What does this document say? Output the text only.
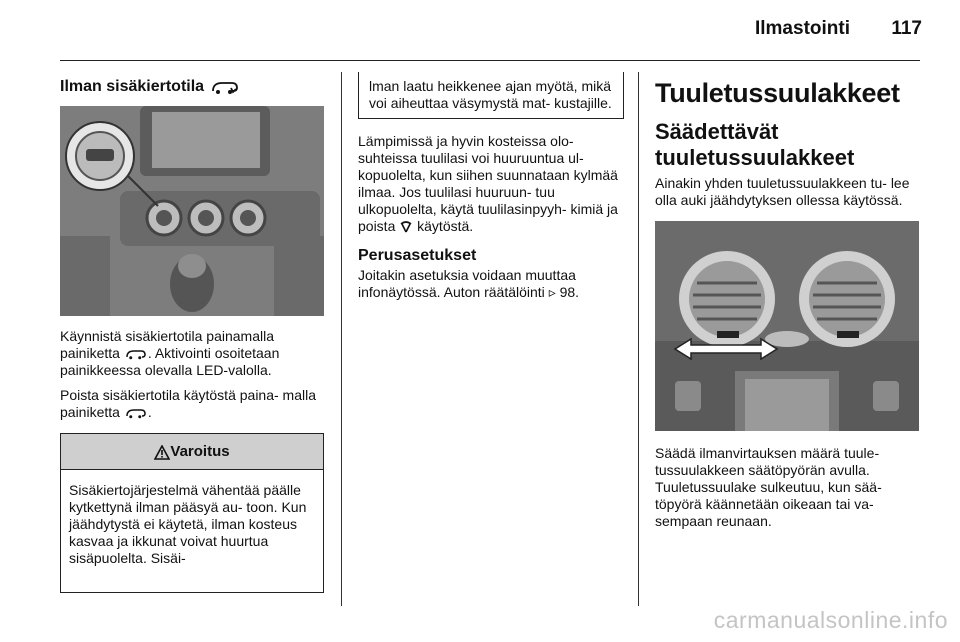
Ilmastointi 117
Ilman sisäkiertotila

Käynnistä sisäkiertotila painamalla painiketta . Aktivointi osoitetaan painikkeessa olevalla LED-valolla.

Poista sisäkiertotila käytöstä paina- malla painiketta .

Varoitus
Sisäkiertojärjestelmä vähentää päälle kytkettynä ilman pääsyä au- toon. Kun jäähdytystä ei käytetä, ilman kosteus kasvaa ja ikkunat voivat huurtua sisäpuolelta. Sisäi-
lman laatu heikkenee ajan myötä, mikä voi aiheuttaa väsymystä mat- kustajille.

Lämpimissä ja hyvin kosteissa olo- suhteissa tuulilasi voi huuruuntua ul- kopuolelta, kun siihen suunnataan kylmää ilmaa. Jos tuulilasi huuruun- tuu ulkopuolelta, käytä tuulilasinpyyh- kimiä ja poista käytöstä.

Perusasetukset

Joitakin asetuksia voidaan muuttaa infonäytössä. Auton räätälöinti ▹ 98.

Tuuletussuulakkeet
Säädettävät tuuletussuulakkeet

Ainakin yhden tuuletussuulakkeen tu- lee olla auki jäähdytyksen ollessa käytössä.

Säädä ilmanvirtauksen määrä tuule- tussuulakkeen säätöpyörän avulla. Tuuletussuulake sulkeutuu, kun sää- töpyörä käännetään oikeaan tai va- sempaan reunaan.

carmanualsonline.info
